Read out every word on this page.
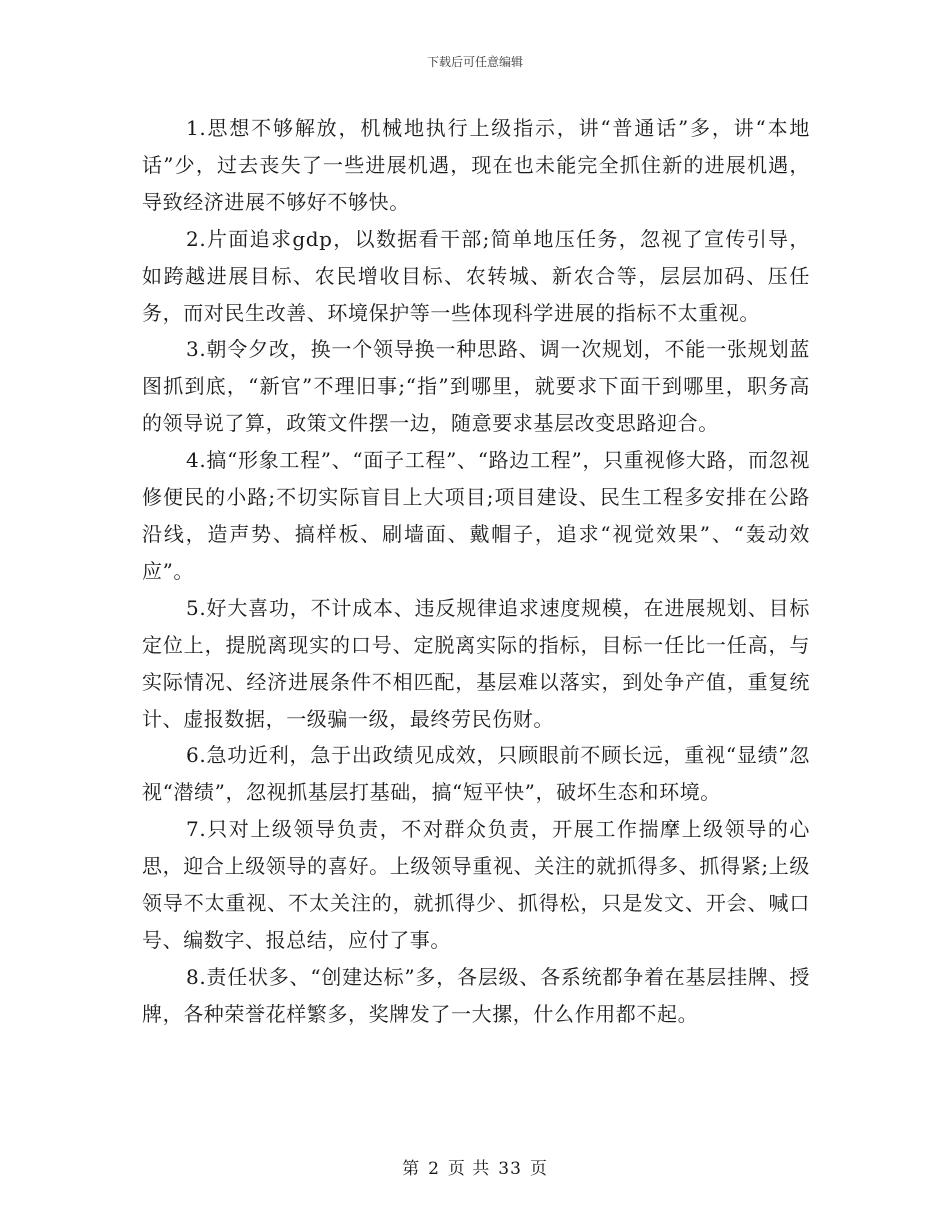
下载后可任意编辑

1.思想不够解放，机械地执行上级指示，讲“普通话”多，讲“本地话”少，过去丧失了一些进展机遇，现在也未能完全抓住新的进展机遇，导致经济进展不够好不够快。

2.片面追求gdp，以数据看干部;简单地压任务，忽视了宣传引导，如跨越进展目标、农民增收目标、农转城、新农合等，层层加码、压任务，而对民生改善、环境保护等一些体现科学进展的指标不太重视。

3.朝令夕改，换一个领导换一种思路、调一次规划，不能一张规划蓝图抓到底，“新官”不理旧事;“指”到哪里，就要求下面干到哪里，职务高的领导说了算，政策文件摆一边，随意要求基层改变思路迎合。

4.搞“形象工程”、“面子工程”、“路边工程”，只重视修大路，而忽视修便民的小路;不切实际盲目上大项目;项目建设、民生工程多安排在公路沿线，造声势、搞样板、刷墙面、戴帽子，追求“视觉效果”、“轰动效应”。

5.好大喜功，不计成本、违反规律追求速度规模，在进展规划、目标定位上，提脱离现实的口号、定脱离实际的指标，目标一任比一任高，与实际情况、经济进展条件不相匹配，基层难以落实，到处争产值，重复统计、虚报数据，一级骗一级，最终劳民伤财。

6.急功近利，急于出政绩见成效，只顾眼前不顾长远，重视“显绩”忽视“潜绩”，忽视抓基层打基础，搞“短平快”，破坏生态和环境。

7.只对上级领导负责，不对群众负责，开展工作揣摩上级领导的心思，迎合上级领导的喜好。上级领导重视、关注的就抓得多、抓得紧;上级领导不太重视、不太关注的，就抓得少、抓得松，只是发文、开会、喊口号、编数字、报总结，应付了事。

8.责任状多、“创建达标”多，各层级、各系统都争着在基层挂牌、授牌，各种荣誉花样繁多，奖牌发了一大摞，什么作用都不起。

第 2 页 共 33 页
